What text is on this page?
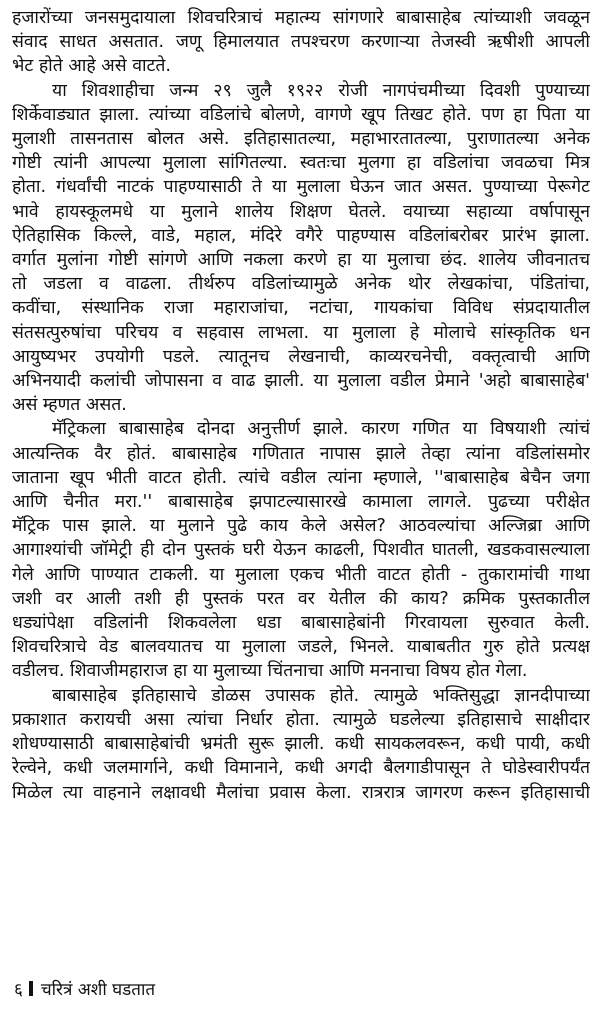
हजारोंच्या जनसमुदायाला शिवचरित्राचं महात्म्य सांगणारे बाबासाहेब त्यांच्याशी जवळून
संवाद साधत असतात. जणू हिमालयात तपश्चरण करणाऱ्या तेजस्वी ऋषीशी आपली
भेट होते आहे असे वाटते.
या शिवशाहीचा जन्म २९ जुलै १९२२ रोजी नागपंचमीच्या दिवशी पुण्याच्या
शिर्केवाड्यात झाला. त्यांच्या वडिलांचे बोलणे, वागणे खूप तिखट होते. पण हा पिता या
मुलाशी तासनतास बोलत असे. इतिहासातल्या, महाभारतातल्या, पुराणातल्या अनेक
गोष्टी त्यांनी आपल्या मुलाला सांगितल्या. स्वतःचा मुलगा हा वडिलांचा जवळचा मित्र
होता. गंधर्वांची नाटकं पाहण्यासाठी ते या मुलाला घेऊन जात असत. पुण्याच्या पेरूगेट
भावे हायस्कूलमधे या मुलाने शालेय शिक्षण घेतले. वयाच्या सहाव्या वर्षापासून
ऐतिहासिक किल्ले, वाडे, महाल, मंदिरे वगैरे पाहण्यास वडिलांबरोबर प्रारंभ झाला.
वर्गात मुलांना गोष्टी सांगणे आणि नकला करणे हा या मुलाचा छंद. शालेय जीवनातच
तो जडला व वाढला. तीर्थरुप वडिलांच्यामुळे अनेक थोर लेखकांचा, पंडितांचा,
कवींचा, संस्थानिक राजा महाराजांचा, नटांचा, गायकांचा विविध संप्रदायातील
संतसत्पुरुषांचा परिचय व सहवास लाभला. या मुलाला हे मोलाचे सांस्कृतिक धन
आयुष्यभर उपयोगी पडले. त्यातूनच लेखनाची, काव्यरचनेची, वक्तृत्वाची आणि
अभिनयादी कलांची जोपासना व वाढ झाली. या मुलाला वडील प्रेमाने 'अहो बाबासाहेब'
असं म्हणत असत.
मॅट्रिकला बाबासाहेब दोनदा अनुत्तीर्ण झाले. कारण गणित या विषयाशी त्यांचं
आत्यन्तिक वैर होतं. बाबासाहेब गणितात नापास झाले तेव्हा त्यांना वडिलांसमोर
जाताना खूप भीती वाटत होती. त्यांचे वडील त्यांना म्हणाले, ''बाबासाहेब बेचैन जगा
आणि चैनीत मरा.'' बाबासाहेब झपाटल्यासारखे कामाला लागले. पुढच्या परीक्षेत
मॅट्रिक पास झाले. या मुलाने पुढे काय केले असेल? आठवल्यांचा अल्जिब्रा आणि
आगाश्यांची जॉमेट्री ही दोन पुस्तकं घरी येऊन काढली, पिशवीत घातली, खडकवासल्याला
गेले आणि पाण्यात टाकली. या मुलाला एकच भीती वाटत होती - तुकारामांची गाथा
जशी वर आली तशी ही पुस्तकं परत वर येतील की काय? क्रमिक पुस्तकातील
धड्यांपेक्षा वडिलांनी शिकवलेला धडा बाबासाहेबांनी गिरवायला सुरुवात केली.
शिवचरित्राचे वेड बालवयातच या मुलाला जडले, भिनले. याबाबतीत गुरु होते प्रत्यक्ष
वडीलच. शिवाजीमहाराज हा या मुलाच्या चिंतनाचा आणि मननाचा विषय होत गेला.
बाबासाहेब इतिहासाचे डोळस उपासक होते. त्यामुळे भक्तिसुद्धा ज्ञानदीपाच्या
प्रकाशात करायची असा त्यांचा निर्धार होता. त्यामुळे घडलेल्या इतिहासाचे साक्षीदार
शोधण्यासाठी बाबासाहेबांची भ्रमंती सुरू झाली. कधी सायकलवरून, कधी पायी, कधी
रेल्वेने, कधी जलमार्गाने, कधी विमानाने, कधी अगदी बैलगाडीपासून ते घोडेस्वारीपर्यंत
मिळेल त्या वाहनाने लक्षावधी मैलांचा प्रवास केला. रात्ररात्र जागरण करून इतिहासाची
६ चरित्रं अशी घडतात
